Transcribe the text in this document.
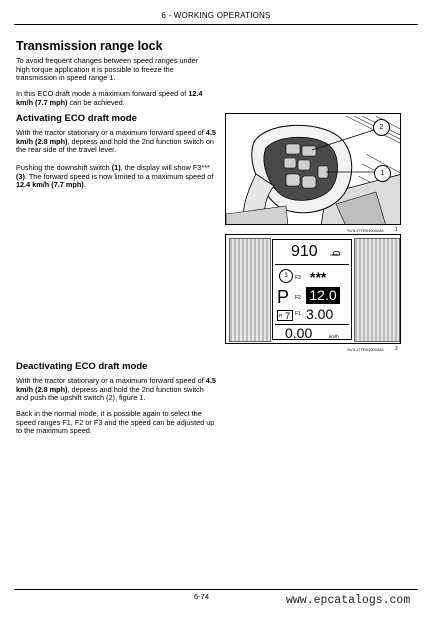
6 - WORKING OPERATIONS
Transmission range lock

To avoid frequent changes between speed ranges under high torque application it is possible to freeze the transmission in speed range 1.

In this ECO draft mode a maximum forward speed of 12.4 km/h (7.7 mph) can be achieved.

Activating ECO draft mode

With the tractor stationary or a maximum forward speed of 4.5 km/h (2.8 mph), depress and hold the 2nd function switch on the rear side of the travel lever.

Pushing the downshift switch (1), the display will show F3*** (3). The forward speed is now limited to a maximum speed of 12.4 km/h (7.7 mph).

2
1
SVIL17TR010002A1 1
910	n/min
3	F3 ***
P F2 12.0
R 7 F1 3.00
0.00	km/h
SVIL17TR010003A1 2
Deactivating ECO draft mode

With the tractor stationary or a maximum forward speed of 4.5 km/h (2.8 mph), depress and hold the 2nd function switch and push the upshift switch (2), figure 1.

Back in the normal mode, it is possible again to select the speed ranges F1, F2 or F3 and the speed can be adjusted up to the maximum speed.

6-74	www.epcatalogs.com
